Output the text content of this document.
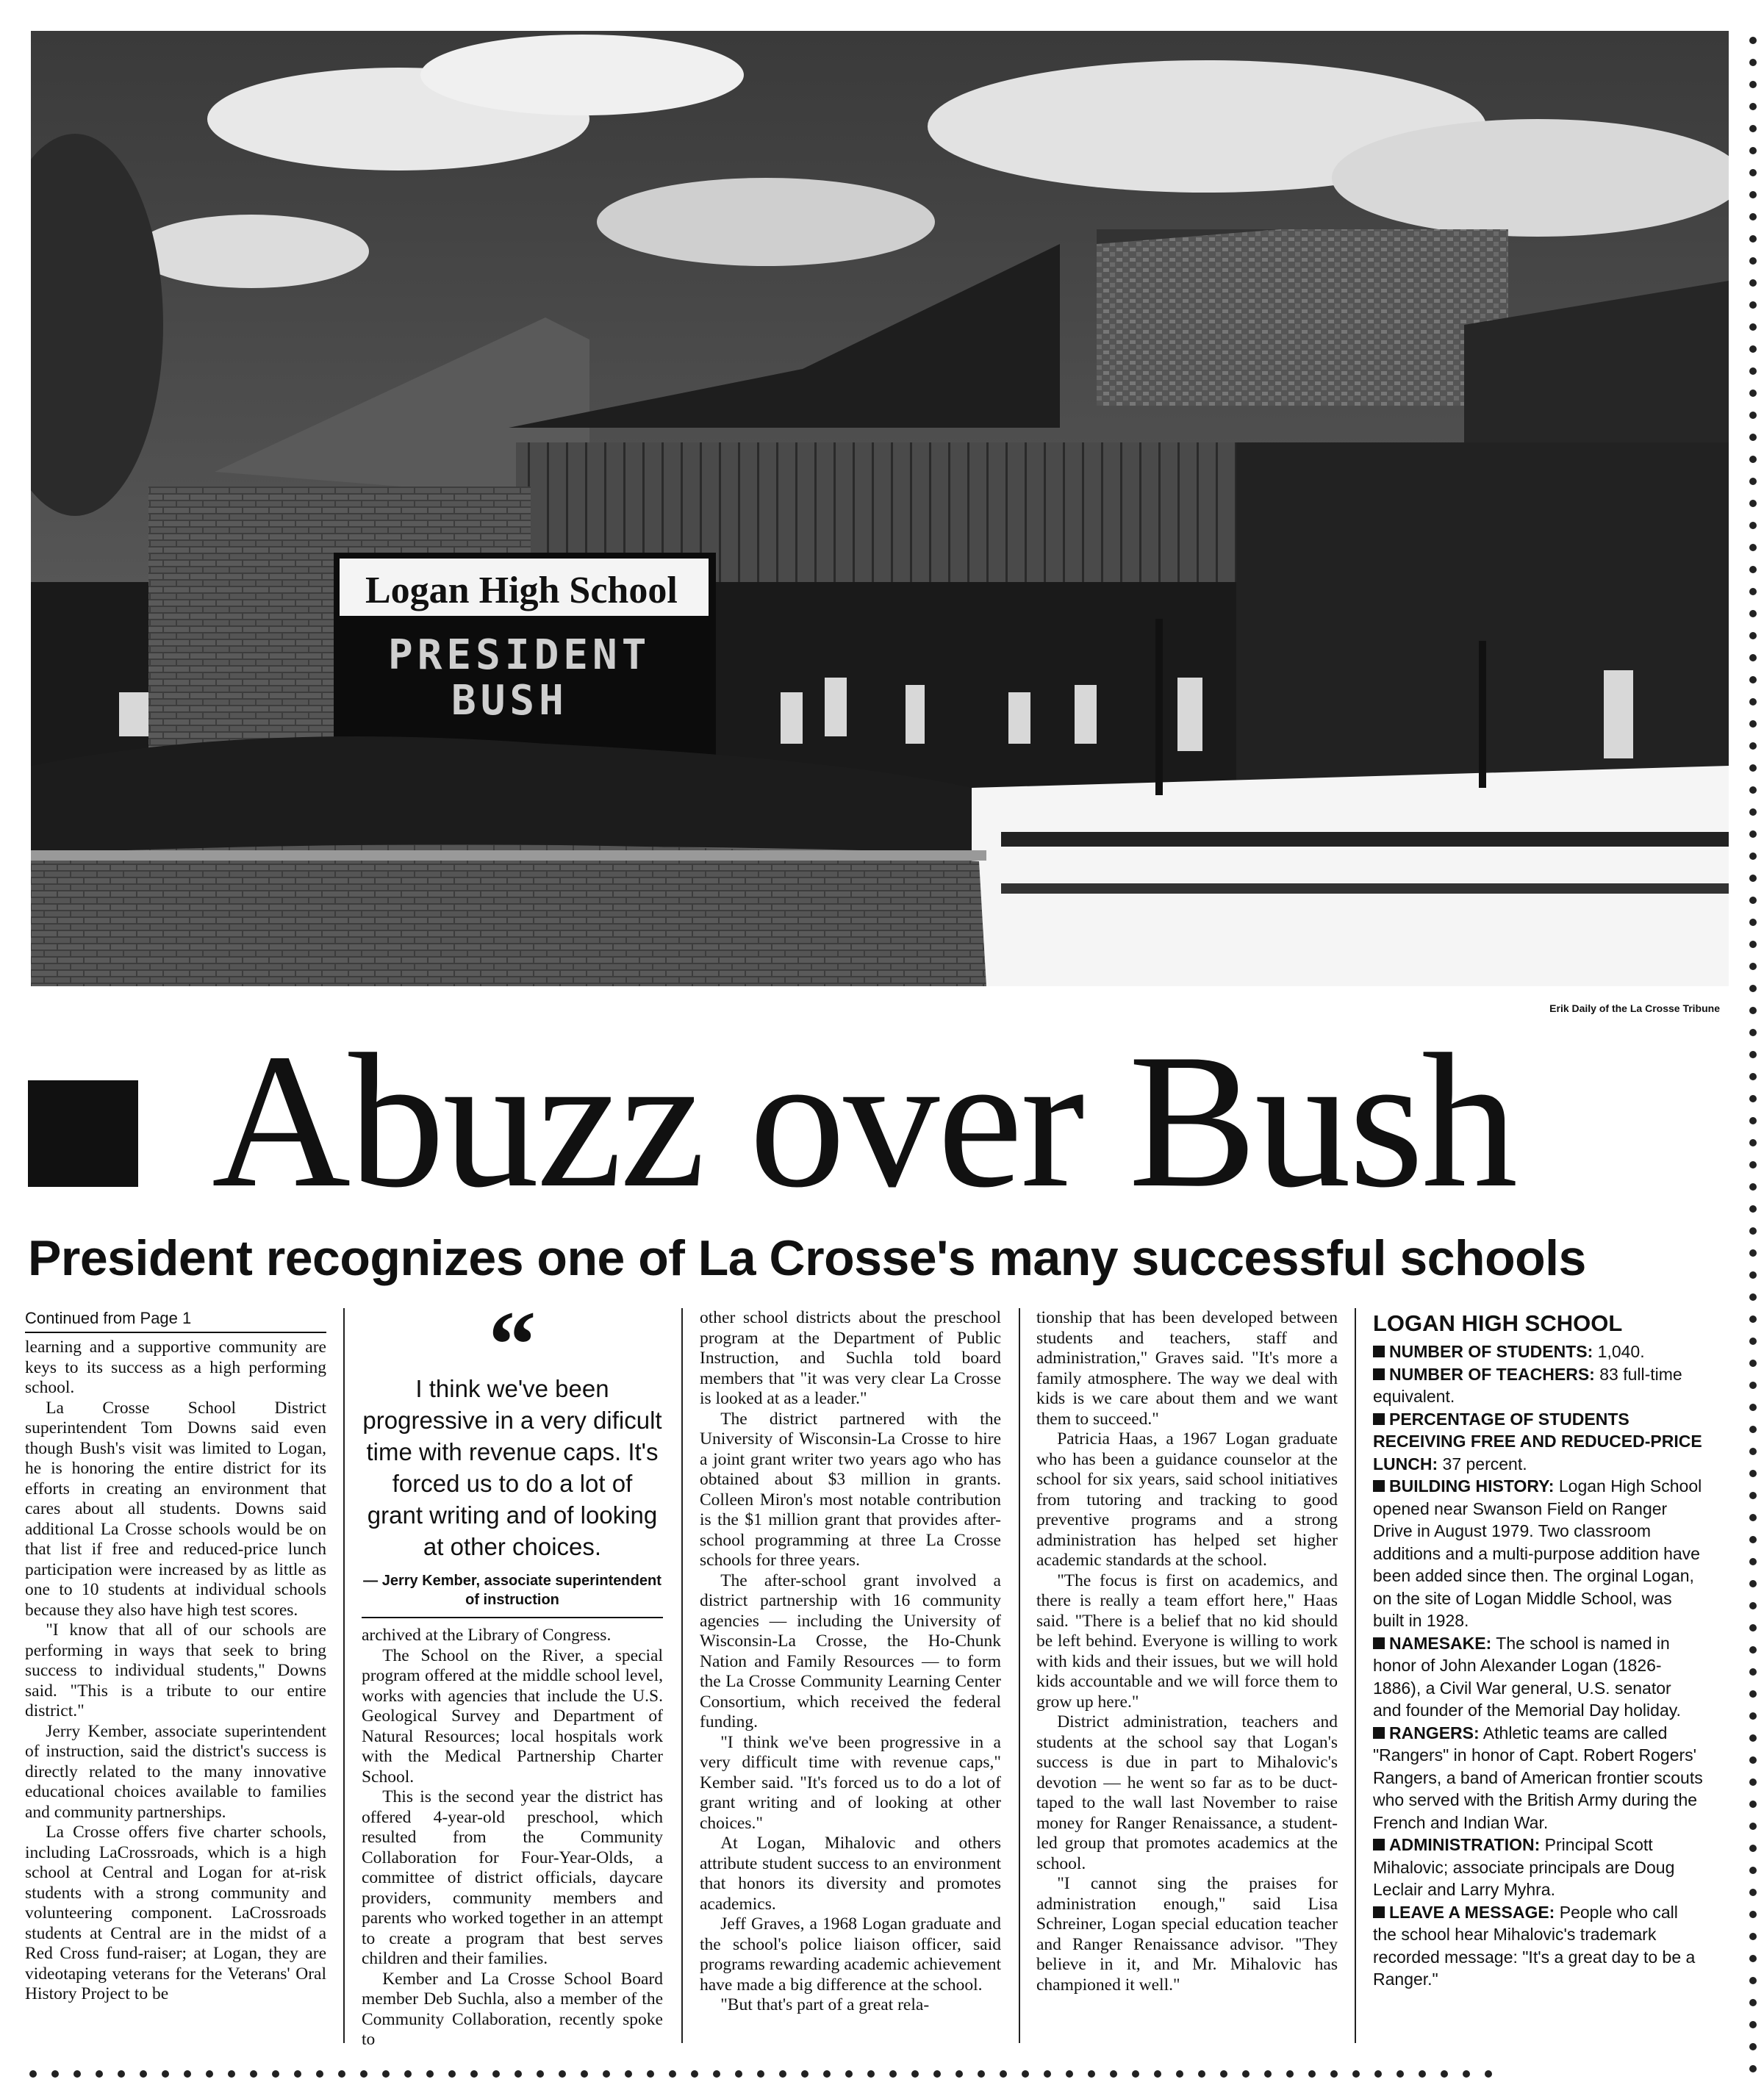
Logan High School
PRESIDENT
BUSH
Erik Daily of the La Crosse Tribune
Abuzz over Bush
President recognizes one of La Crosse's many successful schools
Continued from Page 1

learning and a supportive community are keys to its success as a high performing school.

La Crosse School District superintendent Tom Downs said even though Bush's visit was limited to Logan, he is honoring the entire district for its efforts in creating an environment that cares about all students. Downs said additional La Crosse schools would be on that list if free and reduced-price lunch participation were increased by as little as one to 10 students at individual schools because they also have high test scores.

"I know that all of our schools are performing in ways that seek to bring success to individual students," Downs said. "This is a tribute to our entire district."

Jerry Kember, associate superintendent of instruction, said the district's success is directly related to the many innovative educational choices available to families and community partnerships.

La Crosse offers five charter schools, including LaCrossroads, which is a high school at Central and Logan for at-risk students with a strong community and volunteering component. LaCrossroads students at Central are in the midst of a Red Cross fund-raiser; at Logan, they are videotaping veterans for the Veterans' Oral History Project to be

“
I think we've been progressive in a very dificult time with revenue caps. It's forced us to do a lot of grant writing and of looking at other choices.
— Jerry Kember, associate superintendent of instruction

archived at the Library of Congress.

The School on the River, a special program offered at the middle school level, works with agencies that include the U.S. Geological Survey and Department of Natural Resources; local hospitals work with the Medical Partnership Charter School.

This is the second year the district has offered 4-year-old preschool, which resulted from the Community Collaboration for Four-Year-Olds, a committee of district officials, daycare providers, community members and parents who worked together in an attempt to create a program that best serves children and their families.

Kember and La Crosse School Board member Deb Suchla, also a member of the Community Collaboration, recently spoke to

other school districts about the preschool program at the Department of Public Instruction, and Suchla told board members that "it was very clear La Crosse is looked at as a leader."

The district partnered with the University of Wisconsin-La Crosse to hire a joint grant writer two years ago who has obtained about $3 million in grants. Colleen Miron's most notable contribution is the $1 million grant that provides after-school programming at three La Crosse schools for three years.

The after-school grant involved a district partnership with 16 community agencies — including the University of Wisconsin-La Crosse, the Ho-Chunk Nation and Family Resources — to form the La Crosse Community Learning Center Consortium, which received the federal funding.

"I think we've been progressive in a very difficult time with revenue caps," Kember said. "It's forced us to do a lot of grant writing and of looking at other choices."

At Logan, Mihalovic and others attribute student success to an environment that honors its diversity and promotes academics.

Jeff Graves, a 1968 Logan graduate and the school's police liaison officer, said programs rewarding academic achievement have made a big difference at the school.

"But that's part of a great rela-

tionship that has been developed between students and teachers, staff and administration," Graves said. "It's more a family atmosphere. The way we deal with kids is we care about them and we want them to succeed."

Patricia Haas, a 1967 Logan graduate who has been a guidance counselor at the school for six years, said school initiatives from tutoring and tracking to good preventive programs and a strong administration has helped set higher academic standards at the school.

"The focus is first on academics, and there is really a team effort here," Haas said. "There is a belief that no kid should be left behind. Everyone is willing to work with kids and their issues, but we will hold kids accountable and we will force them to grow up here."

District administration, teachers and students at the school say that Logan's success is due in part to Mihalovic's devotion — he went so far as to be duct-taped to the wall last November to raise money for Ranger Renaissance, a student-led group that promotes academics at the school.

"I cannot sing the praises for administration enough," said Lisa Schreiner, Logan special education teacher and Ranger Renaissance advisor. "They believe in it, and Mr. Mihalovic has championed it well."

LOGAN HIGH SCHOOL

NUMBER OF STUDENTS: 1,040.

NUMBER OF TEACHERS: 83 full-time equivalent.

PERCENTAGE OF STUDENTS RECEIVING FREE AND REDUCED-PRICE LUNCH: 37 percent.

BUILDING HISTORY: Logan High School opened near Swanson Field on Ranger Drive in August 1979. Two classroom additions and a multi-purpose addition have been added since then. The orginal Logan, on the site of Logan Middle School, was built in 1928.

NAMESAKE: The school is named in honor of John Alexander Logan (1826-1886), a Civil War general, U.S. senator and founder of the Memorial Day holiday.

RANGERS: Athletic teams are called "Rangers" in honor of Capt. Robert Rogers' Rangers, a band of American frontier scouts who served with the British Army during the French and Indian War.

ADMINISTRATION: Principal Scott Mihalovic; associate principals are Doug Leclair and Larry Myhra.

LEAVE A MESSAGE: People who call the school hear Mihalovic's trademark recorded message: "It's a great day to be a Ranger."
